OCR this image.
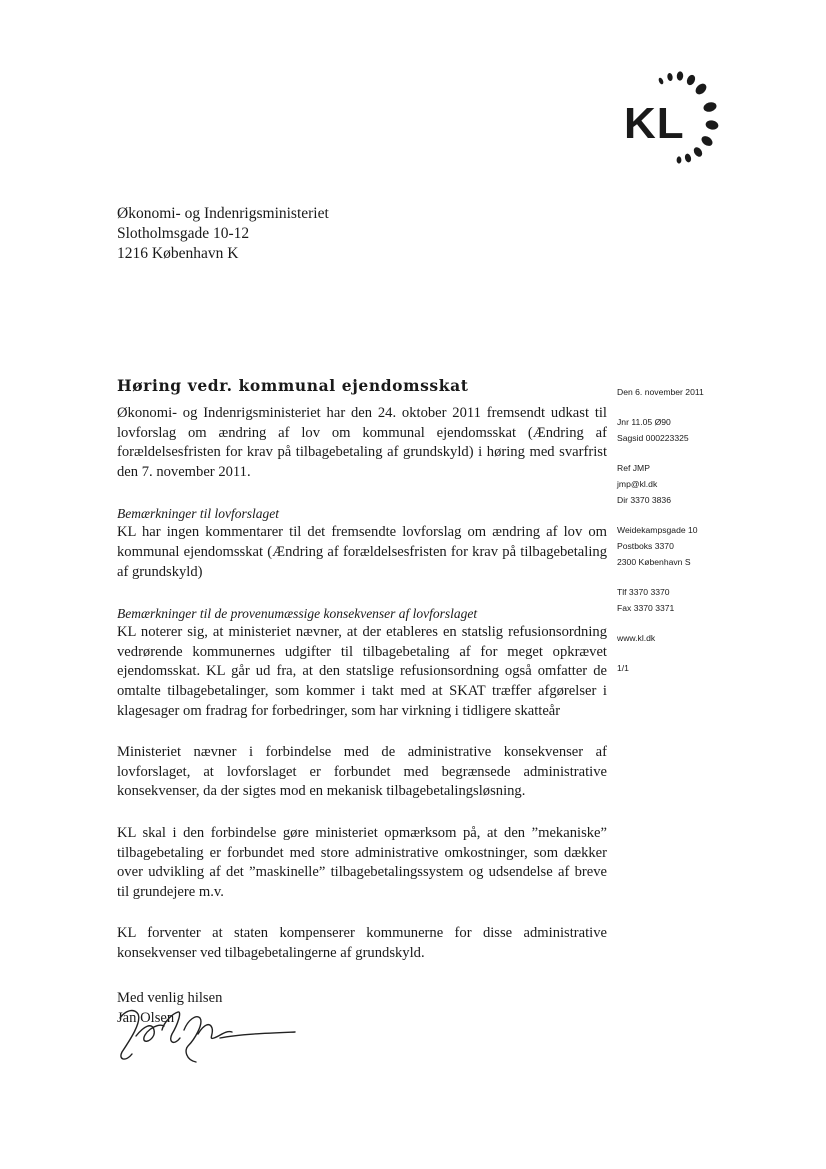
KL
Økonomi- og Indenrigsministeriet
Slotholmsgade 10-12
1216 København K
Høring vedr. kommunal ejendomsskat

Økonomi- og Indenrigsministeriet har den 24. oktober 2011 fremsendt udkast til lovforslag om ændring af lov om kommunal ejendomsskat (Ændring af forældelsesfristen for krav på tilbagebetaling af grundskyld) i høring med svarfrist den 7. november 2011.

Bemærkninger til lovforslaget

KL har ingen kommentarer til det fremsendte lovforslag om ændring af lov om kommunal ejendomsskat (Ændring af forældelsesfristen for krav på tilbagebetaling af grundskyld)

Bemærkninger til de provenumæssige konsekvenser af lovforslaget

KL noterer sig, at ministeriet nævner, at der etableres en statslig refusionsordning vedrørende kommunernes udgifter til tilbagebetaling af for meget opkrævet ejendomsskat. KL går ud fra, at den statslige refusionsordning også omfatter de omtalte tilbagebetalinger, som kommer i takt med at SKAT træffer afgørelser i klagesager om fradrag for forbedringer, som har virkning i tidligere skatteår

Ministeriet nævner i forbindelse med de administrative konsekvenser af lovforslaget, at lovforslaget er forbundet med begrænsede administrative konsekvenser, da der sigtes mod en mekanisk tilbagebetalingsløsning.

KL skal i den forbindelse gøre ministeriet opmærksom på, at den ”mekaniske” tilbagebetaling er forbundet med store administrative omkostninger, som dækker over udvikling af det ”maskinelle” tilbagebetalingssystem og udsendelse af breve til grundejere m.v.

KL forventer at staten kompenserer kommunerne for disse administrative konsekvenser ved tilbagebetalingerne af grundskyld.

Med venlig hilsen

Jan Olsen

Den 6. november 2011
Jnr 11.05 Ø90
Sagsid 000223325
Ref JMP
jmp@kl.dk
Dir 3370 3836
Weidekampsgade 10
Postboks 3370
2300 København S
Tlf 3370 3370
Fax 3370 3371
www.kl.dk
1/1
